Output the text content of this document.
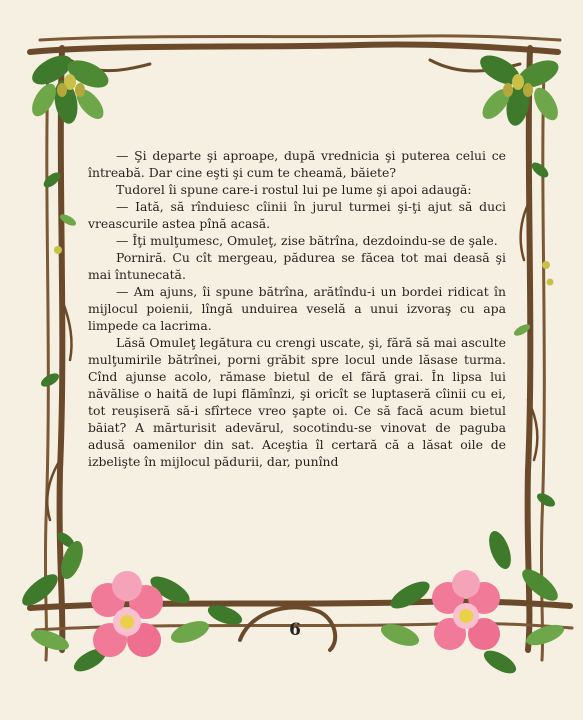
— Şi departe şi aproape, după vrednicia şi puterea celui ce întreabă. Dar cine eşti şi cum te cheamă, băiete?

Tudorel îi spune care-i rostul lui pe lume şi apoi adaugă:

— Iată, să rînduiesc cîinii în jurul turmei şi-ţi ajut să duci vreascurile astea pînă acasă.

— Îţi mulţumesc, Omuleţ, zise bătrîna, dezdoindu-se de şale.

Porniră. Cu cît mergeau, pădurea se făcea tot mai deasă şi mai întunecată.

— Am ajuns, îi spune bătrîna, arătîndu-i un bordei ridicat în mijlocul poienii, lîngă unduirea veselă a unui izvoraş cu apa limpede ca lacrima.

Lăsă Omuleţ legătura cu crengi uscate, şi, fără să mai asculte mulţumirile bătrînei, porni grăbit spre locul unde lăsase turma. Cînd ajunse acolo, rămase bietul de el fără grai. În lipsa lui năvălise o haită de lupi flămînzi, şi oricît se luptaseră cîinii cu ei, tot reuşiseră să-i sfîrtece vreo şapte oi. Ce să facă acum bietul băiat? A mărturisit adevărul, socotindu-se vinovat de paguba adusă oamenilor din sat. Aceştia îl certară că a lăsat oile de izbelişte în mijlocul pădurii, dar, punînd

6
